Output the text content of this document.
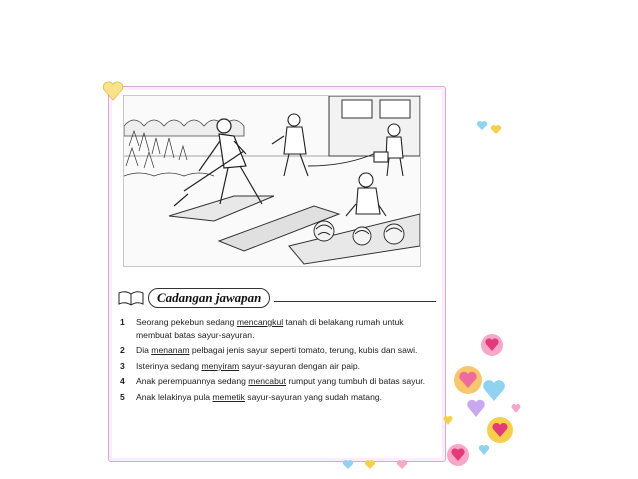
Cadangan jawapan
1	Seorang pekebun sedang mencangkul tanah di belakang rumah untuk membuat batas sayur-sayuran.
2	Dia menanam pelbagai jenis sayur seperti tomato, terung, kubis dan sawi.
3	Isterinya sedang menyiram sayur-sayuran dengan air paip.
4	Anak perempuannya sedang mencabut rumput yang tumbuh di batas sayur.
5	Anak lelakinya pula memetik sayur-sayuran yang sudah matang.
